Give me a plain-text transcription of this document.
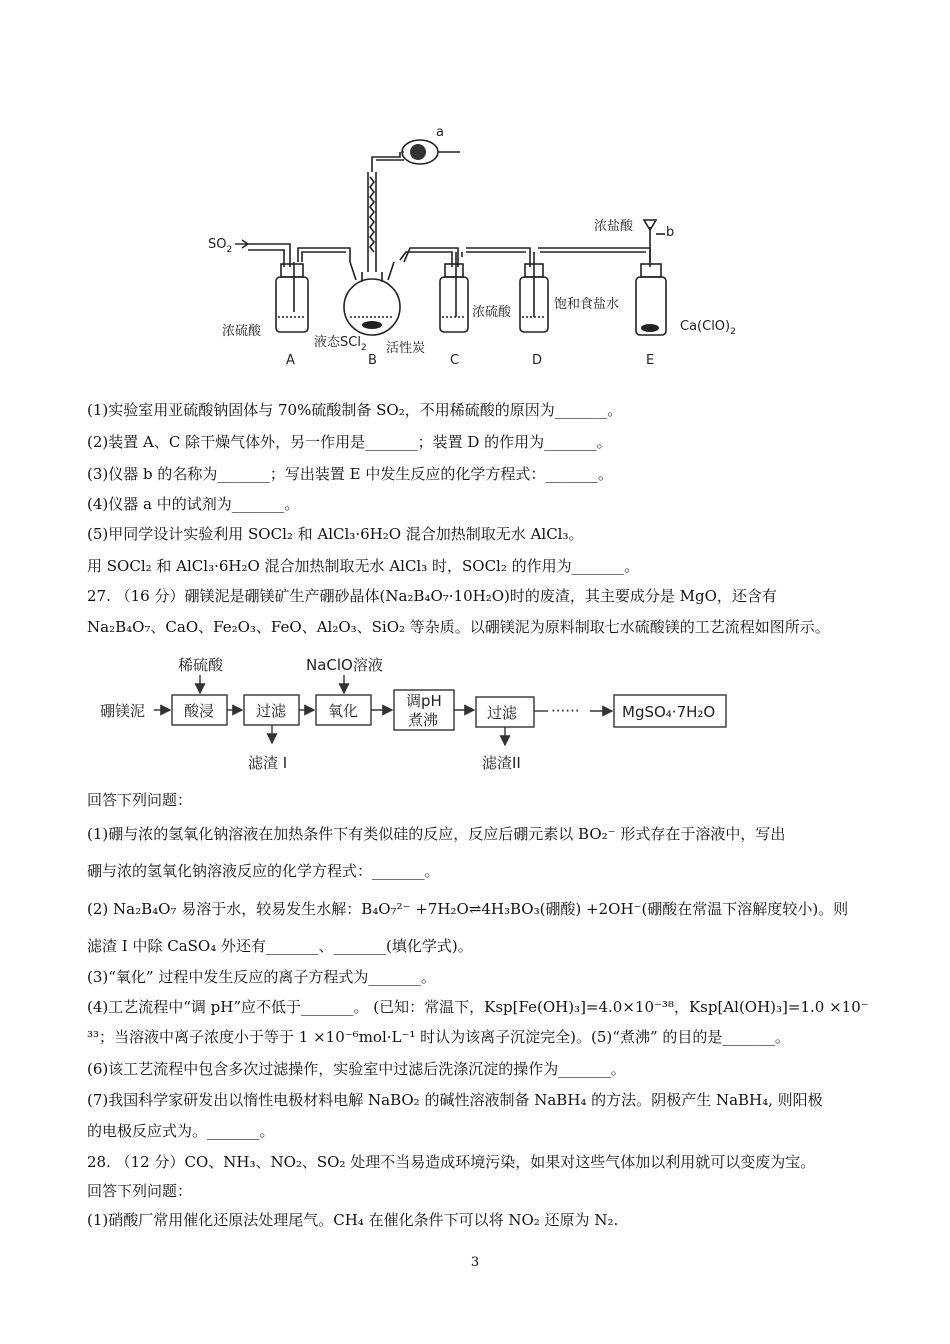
a
b
$SO_2$
浓盐酸
浓硫酸
液态SCl$_2$ 活性炭
浓硫酸
饱和食盐水
$Ca(ClO)_2$
A	B	C	D	E
(1)实验室用亚硫酸钠固体与 70%硫酸制备 SO₂，不用稀硫酸的原因为_______。
(2)装置 A、C 除干燥气体外，另一作用是_______；装置 D 的作用为_______。
(3)仪器 b 的名称为_______；写出装置 E 中发生反应的化学方程式：_______。
(4)仪器 a 中的试剂为_______。
(5)甲同学设计实验利用 SOCl₂ 和 AlCl₃·6H₂O 混合加热制取无水 AlCl₃。
用 SOCl₂ 和 AlCl₃·6H₂O 混合加热制取无水 AlCl₃ 时，SOCl₂ 的作用为_______。
27. （16 分）硼镁泥是硼镁矿生产硼砂晶体(Na₂B₄O₇·10H₂O)时的废渣，其主要成分是 MgO，还含有
Na₂B₄O₇、CaO、Fe₂O₃、FeO、Al₂O₃、SiO₂ 等杂质。以硼镁泥为原料制取七水硫酸镁的工艺流程如图所示。
硼镁泥
稀硫酸
酸浸	过滤
NaClO溶液
氧化
调pH
煮沸	过滤 ······	MgSO₄·7H₂O
滤渣 I	滤渣II
回答下列问题：
(1)硼与浓的氢氧化钠溶液在加热条件下有类似硅的反应，反应后硼元素以 BO₂⁻ 形式存在于溶液中，写出
硼与浓的氢氧化钠溶液反应的化学方程式：_______。
(2) Na₂B₄O₇ 易溶于水，较易发生水解：B₄O₇²⁻ +7H₂O⇌4H₃BO₃(硼酸) +2OH⁻(硼酸在常温下溶解度较小)。则
滤渣 I 中除 CaSO₄ 外还有_______、_______(填化学式)。
(3)“氧化” 过程中发生反应的离子方程式为_______。
(4)工艺流程中“调 pH”应不低于_______。 (已知：常温下，Ksp[Fe(OH)₃]=4.0×10⁻³⁸，Ksp[Al(OH)₃]=1.0 ×10⁻
³³；当溶液中离子浓度小于等于 1 ×10⁻⁶mol·L⁻¹ 时认为该离子沉淀完全)。(5)“煮沸” 的目的是_______。
(6)该工艺流程中包含多次过滤操作，实验室中过滤后洗涤沉淀的操作为_______。
(7)我国科学家研发出以惰性电极材料电解 NaBO₂ 的碱性溶液制备 NaBH₄ 的方法。阴极产生 NaBH₄, 则阳极
的电极反应式为。_______。
28. （12 分）CO、NH₃、NO₂、SO₂ 处理不当易造成环境污染，如果对这些气体加以利用就可以变废为宝。
回答下列问题：
(1)硝酸厂常用催化还原法处理尾气。CH₄ 在催化条件下可以将 NO₂ 还原为 N₂.
3
